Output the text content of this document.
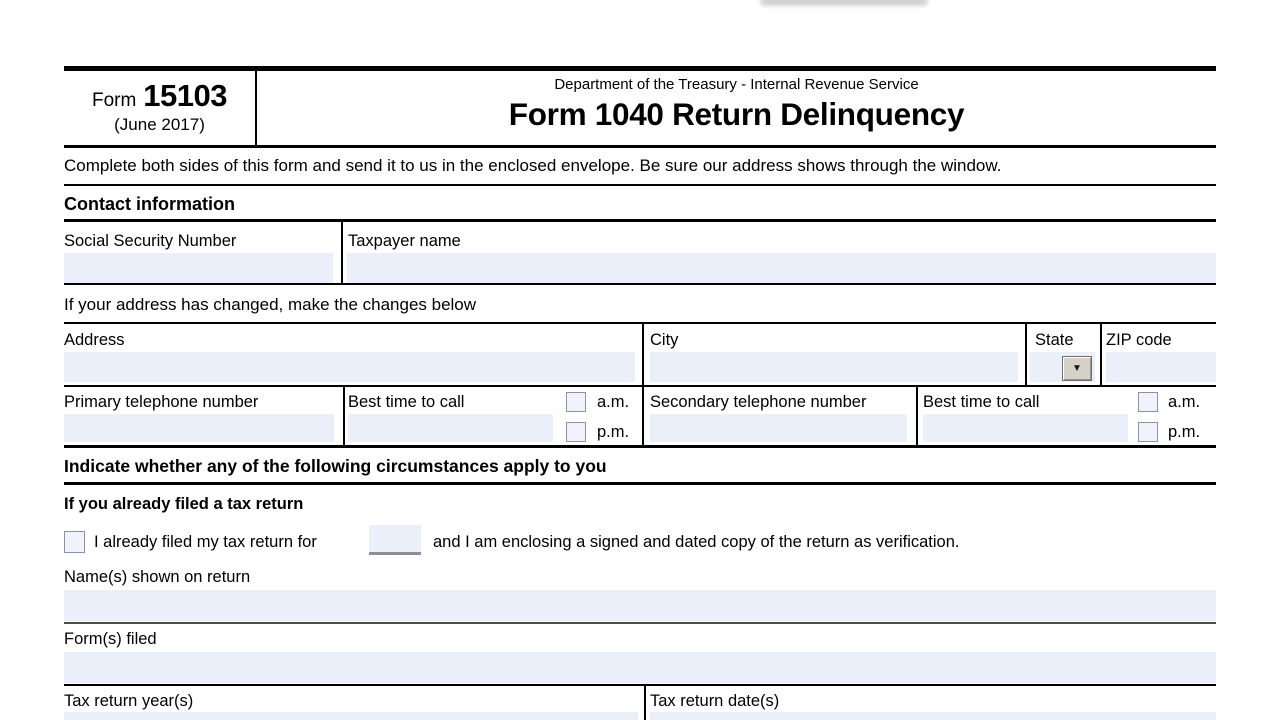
Form 15103
(June 2017)
Department of the Treasury - Internal Revenue Service
Form 1040 Return Delinquency
Complete both sides of this form and send it to us in the enclosed envelope. Be sure our address shows through the window.
Contact information
Social Security Number	Taxpayer name
If your address has changed, make the changes below
Address	City	State ZIP code
▼
Primary telephone number	Best time to call	Secondary telephone number	Best time to call
a.m.
p.m.
a.m.
p.m.
Indicate whether any of the following circumstances apply to you
If you already filed a tax return
I already filed my tax return for	and I am enclosing a signed and dated copy of the return as verification.
Name(s) shown on return
Form(s) filed
Tax return year(s)	Tax return date(s)
